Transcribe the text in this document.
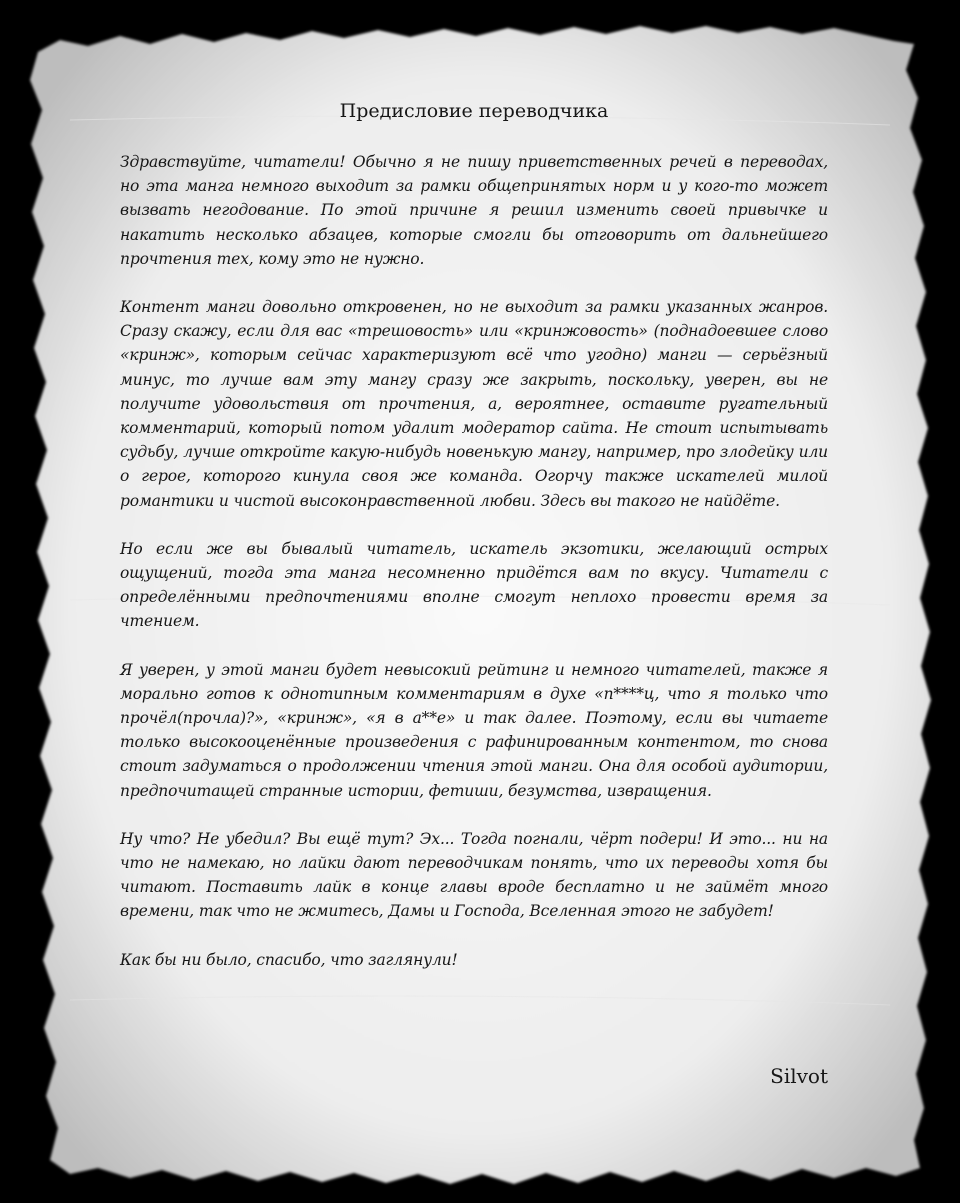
Предисловие переводчика

Здравствуйте, читатели! Обычно я не пишу приветственных речей в переводах, но эта манга немного выходит за рамки общепринятых норм и у кого-то может вызвать негодование. По этой причине я решил изменить своей привычке и накатить несколько абзацев, которые смогли бы отговорить от дальнейшего прочтения тех, кому это не нужно.

Контент манги довольно откровенен, но не выходит за рамки указанных жанров. Сразу скажу, если для вас «трешовость» или «кринжовость» (поднадоевшее слово «кринж», которым сейчас характеризуют всё что угодно) манги — серьёзный минус, то лучше вам эту мангу сразу же закрыть, поскольку, уверен, вы не получите удовольствия от прочтения, а, вероятнее, оставите ругательный комментарий, который потом удалит модератор сайта. Не стоит испытывать судьбу, лучше откройте какую-нибудь новенькую мангу, например, про злодейку или о герое, которого кинула своя же команда. Огорчу также искателей милой романтики и чистой высоконравственной любви. Здесь вы такого не найдёте.

Но если же вы бывалый читатель, искатель экзотики, желающий острых ощущений, тогда эта манга несомненно придётся вам по вкусу. Читатели с определёнными предпочтениями вполне смогут неплохо провести время за чтением.

Я уверен, у этой манги будет невысокий рейтинг и немного читателей, также я морально готов к однотипным комментариям в духе «п****ц, что я только что прочёл(прочла)?», «кринж», «я в а**е» и так далее. Поэтому, если вы читаете только высокооценённые произведения с рафинированным контентом, то снова стоит задуматься о продолжении чтения этой манги. Она для особой аудитории, предпочитащей странные истории, фетиши, безумства, извращения.

Ну что? Не убедил? Вы ещё тут? Эх... Тогда погнали, чёрт подери! И это... ни на что не намекаю, но лайки дают переводчикам понять, что их переводы хотя бы читают. Поставить лайк в конце главы вроде бесплатно и не займёт много времени, так что не жмитесь, Дамы и Господа, Вселенная этого не забудет!

Как бы ни было, спасибо, что заглянули!

Silvot
